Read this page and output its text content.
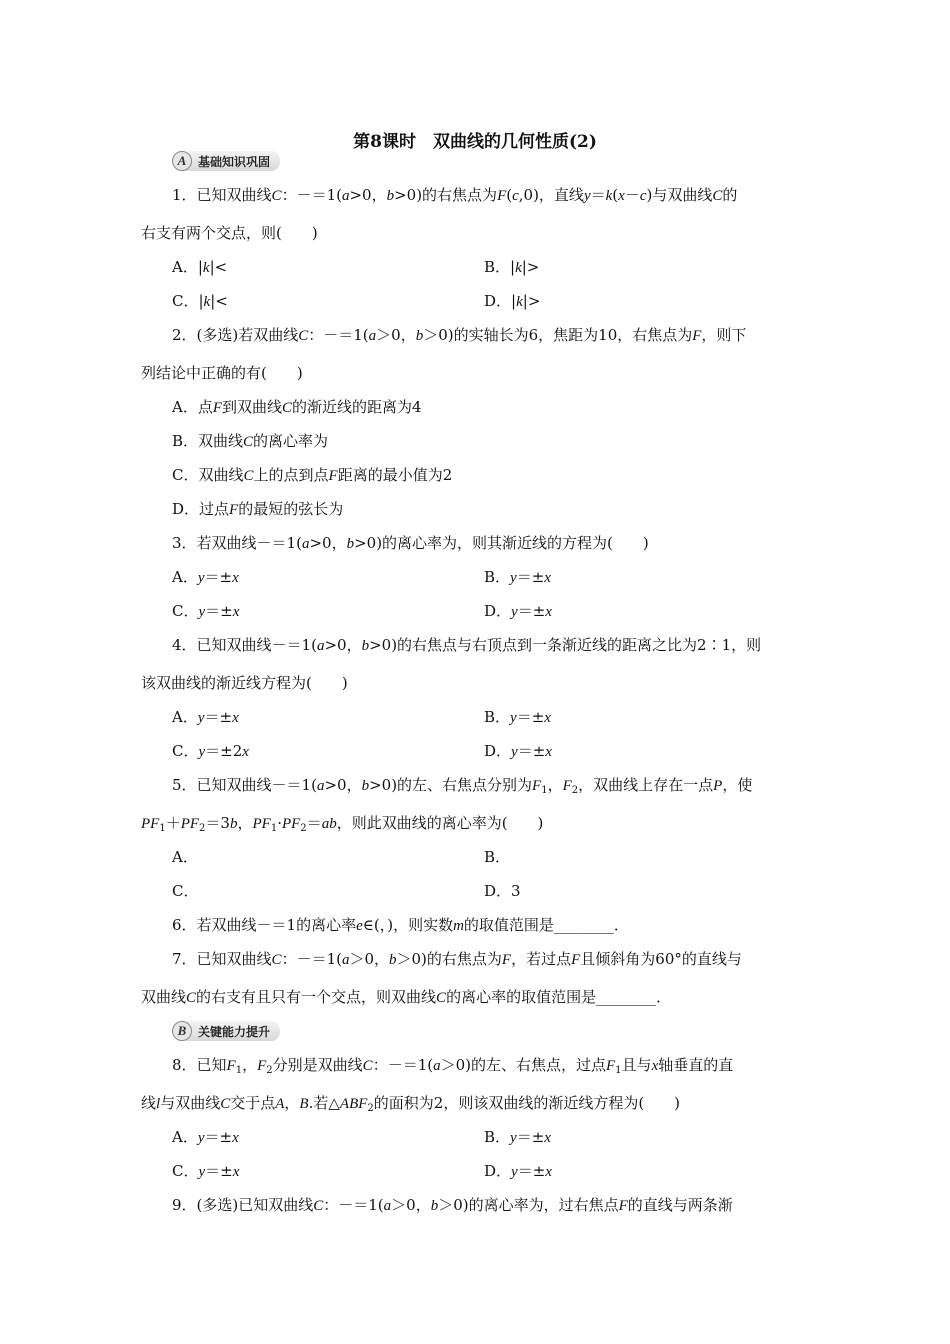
第8课时　双曲线的几何性质(2)
A 基础知识巩固
1．已知双曲线C：－＝1(a>0，b>0)的右焦点为F(c,0)，直线y＝k(x－c)与双曲线C的
右支有两个交点，则(　　)
A．|k|<	B．|k|>
C．|k|<	D．|k|>
2．(多选)若双曲线C：－＝1(a＞0，b＞0)的实轴长为6，焦距为10，右焦点为F，则下
列结论中正确的有(　　)
A．点F到双曲线C的渐近线的距离为4
B．双曲线C的离心率为
C．双曲线C上的点到点F距离的最小值为2
D．过点F的最短的弦长为
3．若双曲线－＝1(a>0，b>0)的离心率为，则其渐近线的方程为(　　)
A．y＝±x	B．y＝±x
C．y＝±x	D．y＝±x
4．已知双曲线－＝1(a>0，b>0)的右焦点与右顶点到一条渐近线的距离之比为2∶1，则
该双曲线的渐近线方程为(　　)
A．y＝±x	B．y＝±x
C．y＝±2x	D．y＝±x
5．已知双曲线－＝1(a>0，b>0)的左、右焦点分别为$F_1$，$F_2$，双曲线上存在一点P，使
$PF_1+PF_2=3b$，$PF_1\cdot PF_2=ab$，则此双曲线的离心率为(　　)
A．	B．
C．	D．3
6．若双曲线－＝1的离心率e∈(，)，则实数m的取值范围是________．
7．已知双曲线C：－＝1(a＞0，b＞0)的右焦点为F，若过点F且倾斜角为60°的直线与
双曲线C的右支有且只有一个交点，则双曲线C的离心率的取值范围是________．
B 关键能力提升
8．已知$F_1$，$F_2$分别是双曲线C：－＝1(a＞0)的左、右焦点，过点$F_1$且与x轴垂直的直
线l与双曲线C交于点A，B.若$\triangle ABF_2$的面积为2，则该双曲线的渐近线方程为(　　)
A．y＝±x	B．y＝±x
C．y＝±x	D．y＝±x
9．(多选)已知双曲线C：－＝1(a＞0，b＞0)的离心率为，过右焦点F的直线与两条渐
